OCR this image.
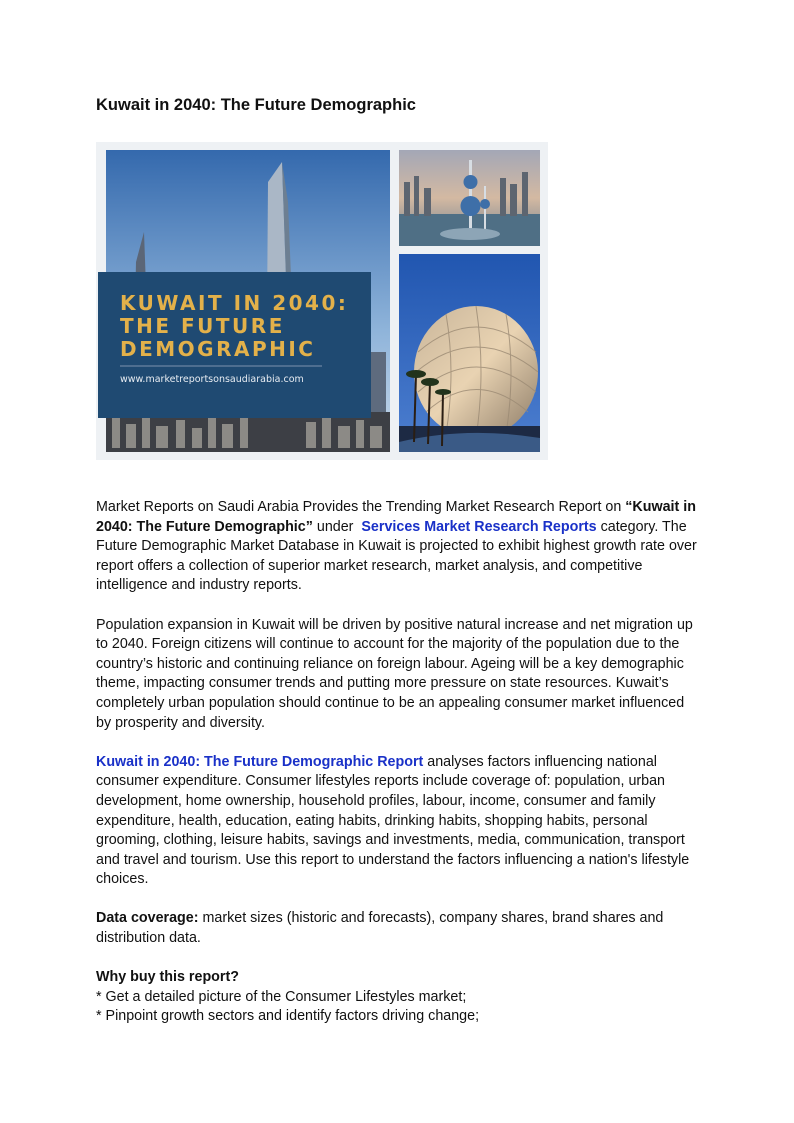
Kuwait in 2040: The Future Demographic
KUWAIT IN 2040:
THE FUTURE
DEMOGRAPHIC
www.marketreportsonsaudiarabia.com

Market Reports on Saudi Arabia Provides the Trending Market Research Report on “Kuwait in 2040: The Future Demographic” under  Services Market Research Reports category. The Future Demographic Market Database in Kuwait is projected to exhibit highest growth rate over report offers a collection of superior market research, market analysis, and competitive intelligence and industry reports.

Population expansion in Kuwait will be driven by positive natural increase and net migration up to 2040. Foreign citizens will continue to account for the majority of the population due to the country’s historic and continuing reliance on foreign labour. Ageing will be a key demographic theme, impacting consumer trends and putting more pressure on state resources. Kuwait’s completely urban population should continue to be an appealing consumer market influenced by prosperity and diversity.

Kuwait in 2040: The Future Demographic Report analyses factors influencing national consumer expenditure. Consumer lifestyles reports include coverage of: population, urban development, home ownership, household profiles, labour, income, consumer and family expenditure, health, education, eating habits, drinking habits, shopping habits, personal grooming, clothing, leisure habits, savings and investments, media, communication, transport and travel and tourism. Use this report to understand the factors influencing a nation's lifestyle choices.

Data coverage: market sizes (historic and forecasts), company shares, brand shares and distribution data.

Why buy this report?

* Get a detailed picture of the Consumer Lifestyles market;

* Pinpoint growth sectors and identify factors driving change;
